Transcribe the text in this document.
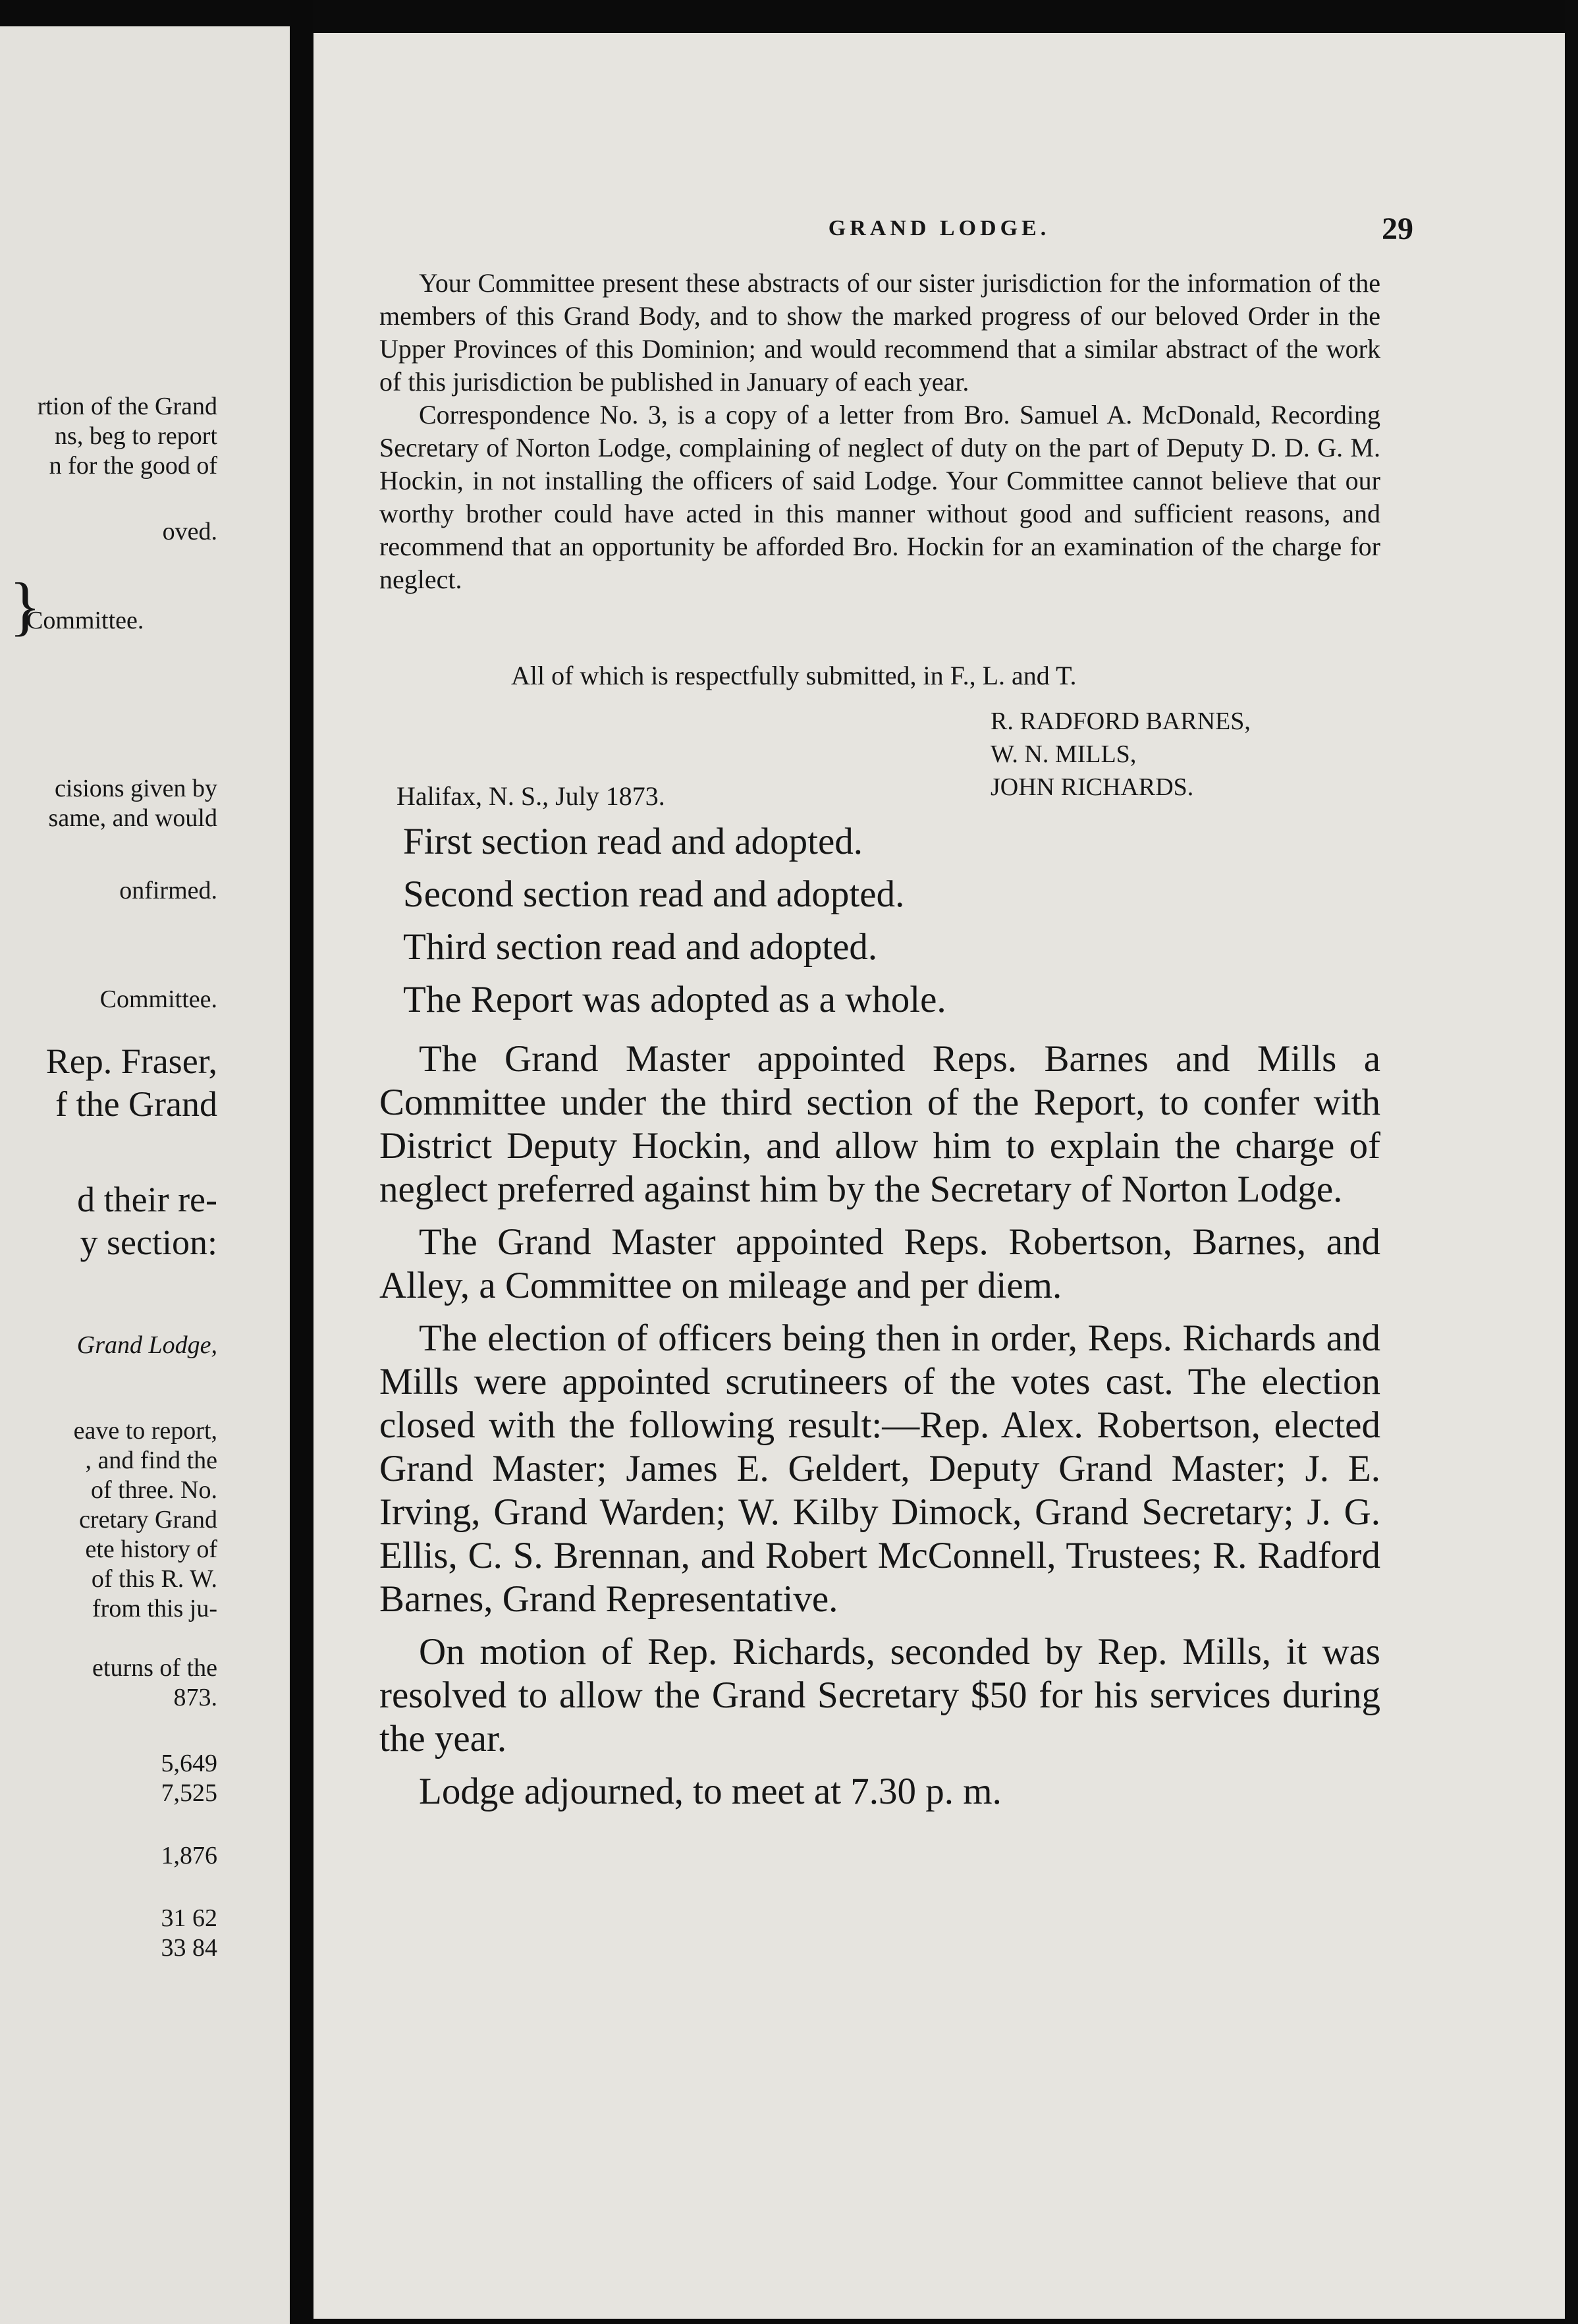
rtion of the Grand
ns, beg to report
n for the good of
oved.
Committee.
cisions given by
same, and would
onfirmed.
Committee.
Rep. Fraser,
f the Grand
d their re-
y section:
Grand Lodge,
eave to report,
, and find the
of three. No.
cretary Grand
ete history of
of this R. W.
from this ju-
eturns of the
873.
5,649
7,525
1,876
31 62
33 84
}
GRAND LODGE.	29

Your Committee present these abstracts of our sister jurisdiction for the information of the members of this Grand Body, and to show the marked progress of our beloved Order in the Upper Provinces of this Dominion; and would recommend that a similar abstract of the work of this jurisdiction be published in January of each year.

Correspondence No. 3, is a copy of a letter from Bro. Samuel A. McDonald, Recording Secretary of Norton Lodge, complaining of neglect of duty on the part of Deputy D. D. G. M. Hockin, in not installing the officers of said Lodge. Your Committee cannot believe that our worthy brother could have acted in this manner without good and sufficient reasons, and recommend that an opportunity be afforded Bro. Hockin for an examination of the charge for neglect.

All of which is respectfully submitted, in F., L. and T.
R. RADFORD BARNES,
W. N. MILLS,
JOHN RICHARDS.
Halifax, N. S., July 1873.
First section read and adopted.
Second section read and adopted.
Third section read and adopted.
The Report was adopted as a whole.

The Grand Master appointed Reps. Barnes and Mills a Committee under the third section of the Report, to confer with District Deputy Hockin, and allow him to explain the charge of neglect preferred against him by the Secretary of Norton Lodge.

The Grand Master appointed Reps. Robertson, Barnes, and Alley, a Committee on mileage and per diem.

The election of officers being then in order, Reps. Richards and Mills were appointed scrutineers of the votes cast. The election closed with the following result:—Rep. Alex. Robertson, elected Grand Master; James E. Geldert, Deputy Grand Master; J. E. Irving, Grand Warden; W. Kilby Dimock, Grand Secretary; J. G. Ellis, C. S. Brennan, and Robert McConnell, Trustees; R. Radford Barnes, Grand Representative.

On motion of Rep. Richards, seconded by Rep. Mills, it was resolved to allow the Grand Secretary $50 for his services during the year.

Lodge adjourned, to meet at 7.30 p. m.
